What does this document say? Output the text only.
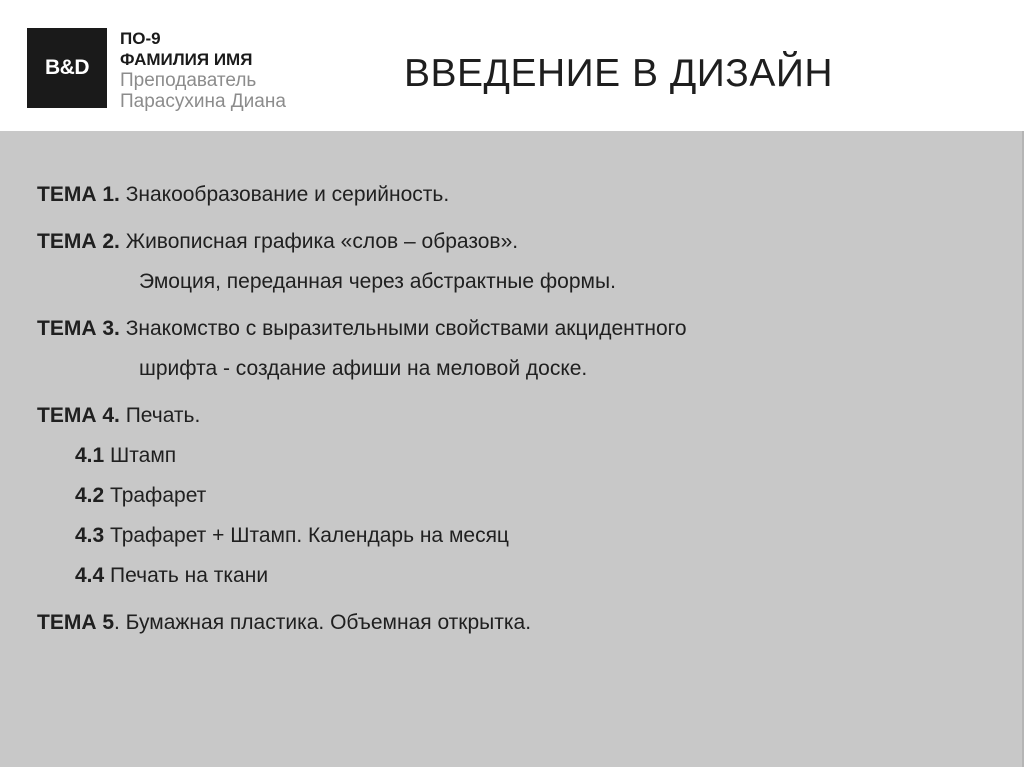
B&D
ПО-9
ФАМИЛИЯ ИМЯ
Преподаватель
Парасухина Диана
ВВЕДЕНИЕ В ДИЗАЙН
ТЕМА 1. Знакообразование и серийность.
ТЕМА 2. Живописная графика «слов – образов».
Эмоция, переданная через абстрактные формы.
ТЕМА 3. Знакомство с выразительными свойствами акцидентного
шрифта - создание афиши на меловой доске.
ТЕМА 4. Печать.
4.1 Штамп
4.2 Трафарет
4.3 Трафарет + Штамп. Календарь на месяц
4.4 Печать на ткани
ТЕМА 5. Бумажная пластика. Объемная открытка.
